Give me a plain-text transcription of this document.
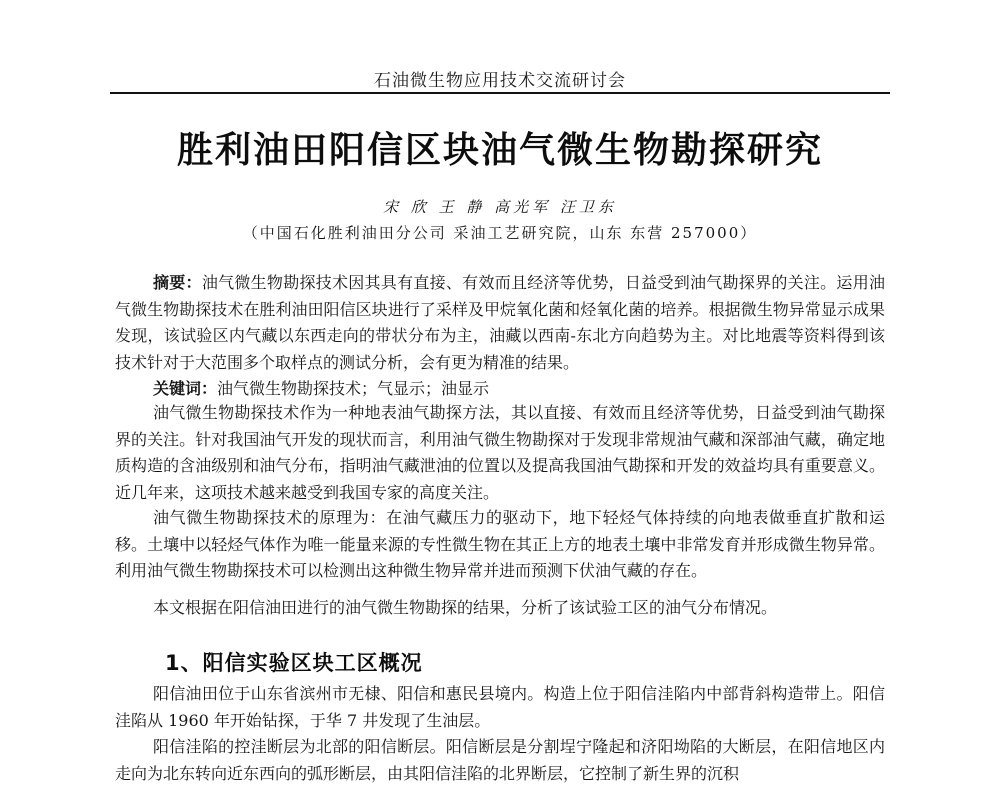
石油微生物应用技术交流研讨会
胜利油田阳信区块油气微生物勘探研究
宋 欣 王 静 高光军 汪卫东
（中国石化胜利油田分公司 采油工艺研究院，山东 东营 257000）
摘要：油气微生物勘探技术因其具有直接、有效而且经济等优势，日益受到油气勘探界的关注。运用油气微生物勘探技术在胜利油田阳信区块进行了采样及甲烷氧化菌和烃氧化菌的培养。根据微生物异常显示成果发现，该试验区内气藏以东西走向的带状分布为主，油藏以西南-东北方向趋势为主。对比地震等资料得到该技术针对于大范围多个取样点的测试分析，会有更为精准的结果。
关键词：油气微生物勘探技术；气显示；油显示
油气微生物勘探技术作为一种地表油气勘探方法，其以直接、有效而且经济等优势，日益受到油气勘探界的关注。针对我国油气开发的现状而言，利用油气微生物勘探对于发现非常规油气藏和深部油气藏，确定地质构造的含油级别和油气分布，指明油气藏泄油的位置以及提高我国油气勘探和开发的效益均具有重要意义。近几年来，这项技术越来越受到我国专家的高度关注。
油气微生物勘探技术的原理为：在油气藏压力的驱动下，地下轻烃气体持续的向地表做垂直扩散和运移。土壤中以轻烃气体作为唯一能量来源的专性微生物在其正上方的地表土壤中非常发育并形成微生物异常。利用油气微生物勘探技术可以检测出这种微生物异常并进而预测下伏油气藏的存在。
本文根据在阳信油田进行的油气微生物勘探的结果，分析了该试验工区的油气分布情况。
1、阳信实验区块工区概况
阳信油田位于山东省滨州市无棣、阳信和惠民县境内。构造上位于阳信洼陷内中部背斜构造带上。阳信洼陷从 1960 年开始钻探，于华 7 井发现了生油层。
阳信洼陷的控洼断层为北部的阳信断层。阳信断层是分割埕宁隆起和济阳坳陷的大断层，在阳信地区内走向为北东转向近东西向的弧形断层，由其阳信洼陷的北界断层，它控制了新生界的沉积
